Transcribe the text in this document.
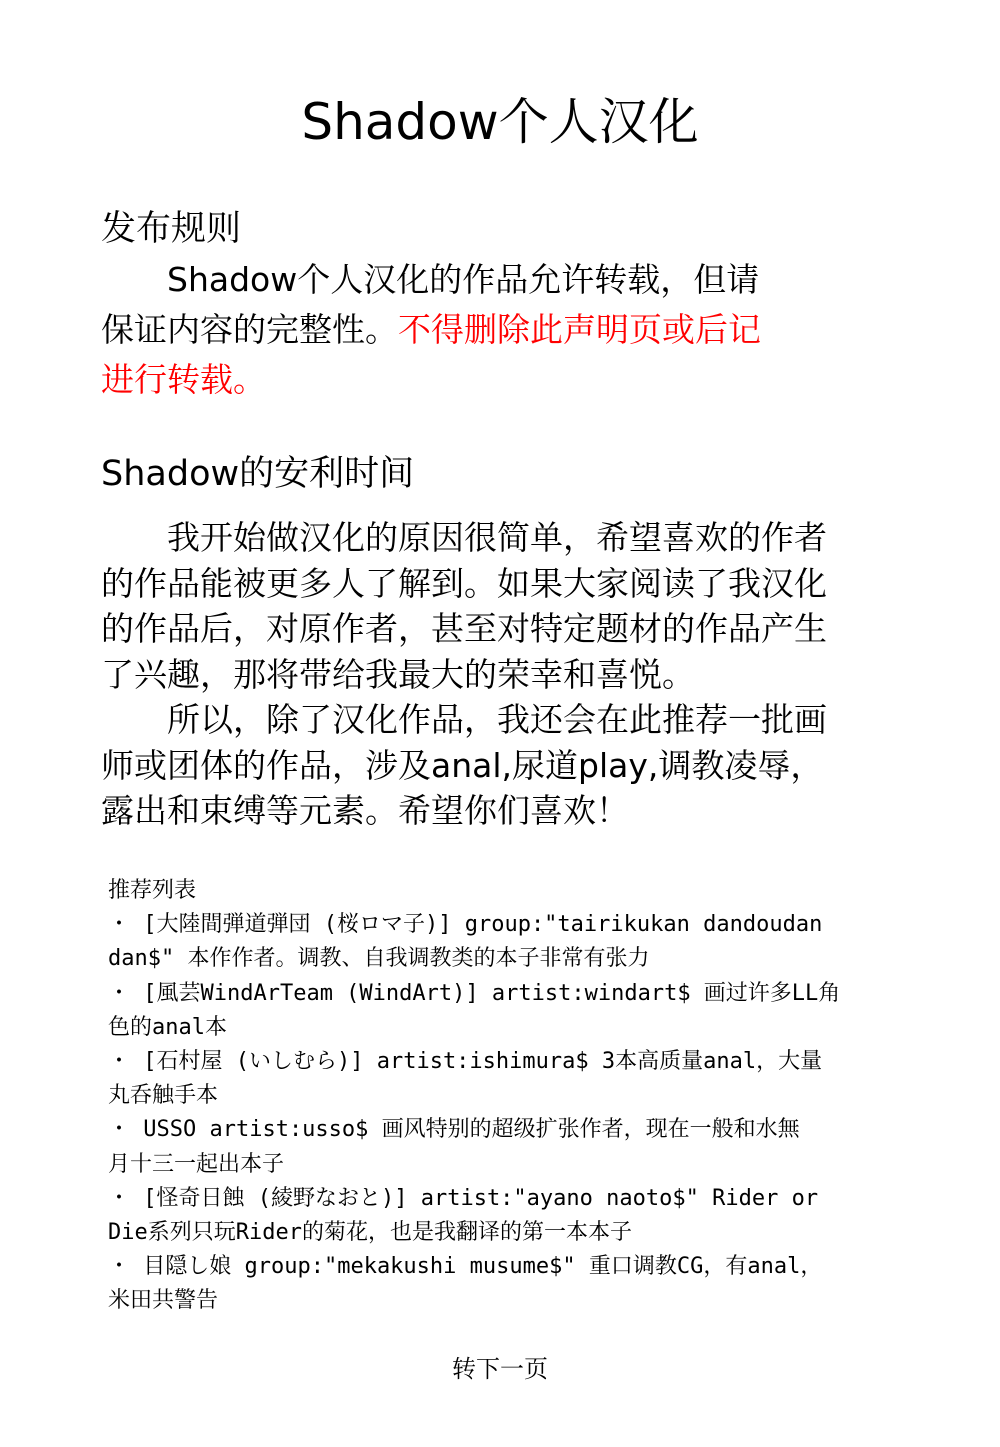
Shadow个人汉化
发布规则
　　Shadow个人汉化的作品允许转载，但请
保证内容的完整性。不得删除此声明页或后记
进行转载。
Shadow的安利时间
　　我开始做汉化的原因很简单，希望喜欢的作者
的作品能被更多人了解到。如果大家阅读了我汉化
的作品后，对原作者，甚至对特定题材的作品产生
了兴趣，那将带给我最大的荣幸和喜悦。
　　所以，除了汉化作品，我还会在此推荐一批画
师或团体的作品，涉及anal,尿道play,调教凌辱，
露出和束缚等元素。希望你们喜欢！
推荐列表
・ [大陸間弾道弾団 (桜ロマ子)] group:"tairikukan dandoudan
dan$" 本作作者。调教、自我调教类的本子非常有张力
・ [風芸WindArTeam (WindArt)] artist:windart$ 画过许多LL角
色的anal本
・ [石村屋 (いしむら)] artist:ishimura$ 3本高质量anal，大量
丸呑触手本
・ USSO artist:usso$ 画风特别的超级扩张作者，现在一般和水無
月十三一起出本子
・ [怪奇日蝕 (綾野なおと)] artist:"ayano naoto$" Rider or
Die系列只玩Rider的菊花，也是我翻译的第一本本子
・ 目隠し娘 group:"mekakushi musume$" 重口调教CG，有anal，
米田共警告
转下一页
